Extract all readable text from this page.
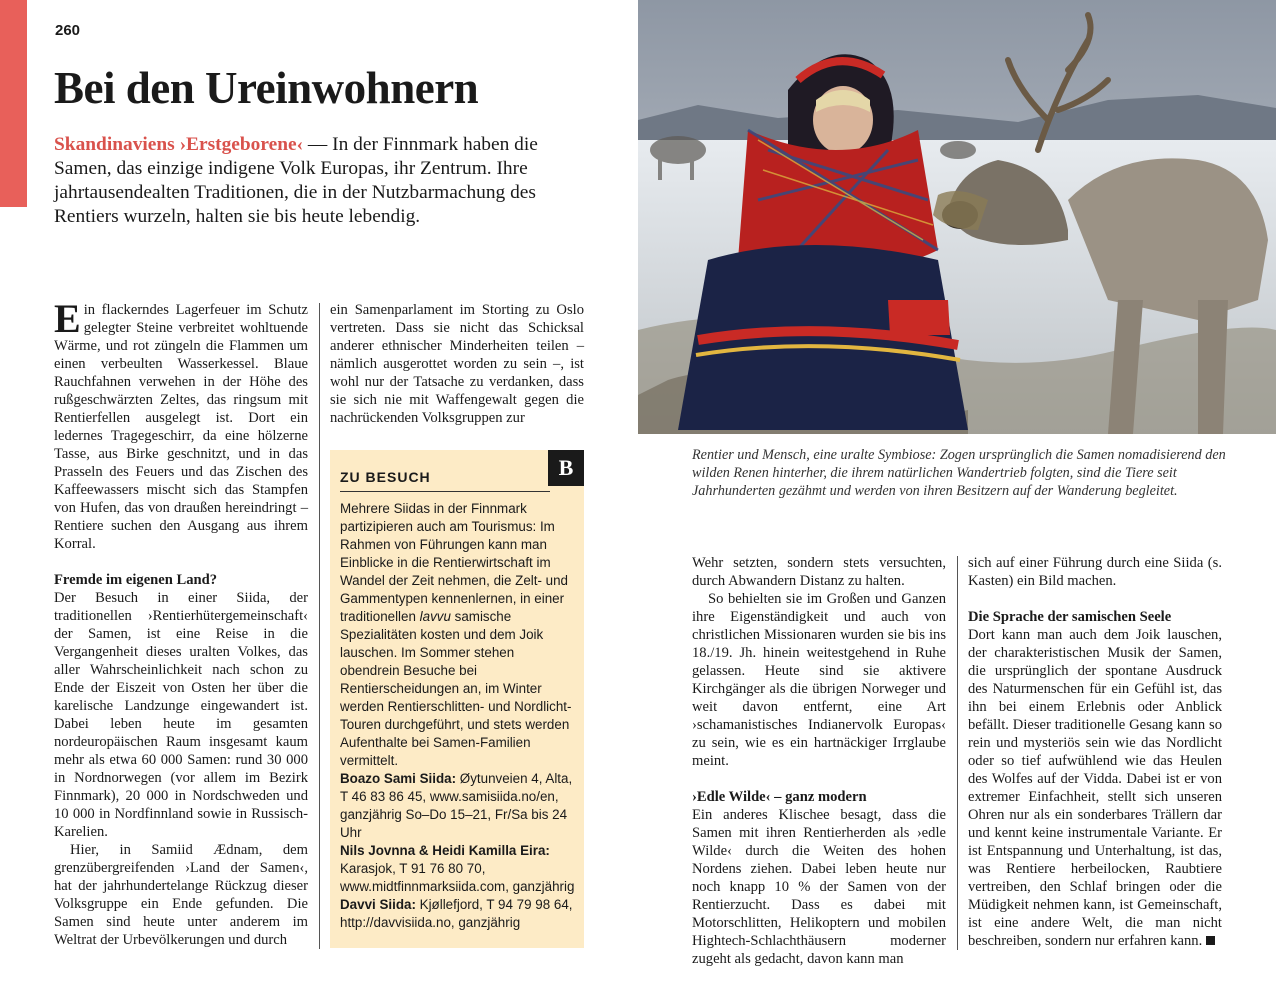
260
Bei den Ureinwohnern
Skandinaviens ›Erstgeborene‹ — In der Finnmark haben die Samen, das einzige indigene Volk Europas, ihr Zentrum. Ihre jahrtausendealten Traditionen, die in der Nutzbarmachung des Rentiers wurzeln, halten sie bis heute lebendig.

Ein flackerndes Lagerfeuer im Schutz gelegter Steine verbreitet wohltuende Wärme, und rot züngeln die Flammen um einen verbeulten Wasserkessel. Blaue Rauchfahnen verwehen in der Höhe des rußgeschwärzten Zeltes, das ringsum mit Rentierfellen ausgelegt ist. Dort ein ledernes Tragegeschirr, da eine hölzerne Tasse, aus Birke geschnitzt, und in das Prasseln des Feuers und das Zischen des Kaffeewassers mischt sich das Stampfen von Hufen, das von draußen hereindringt – Rentiere suchen den Ausgang aus ihrem Korral.

Fremde im eigenen Land?

Der Besuch in einer Siida, der traditionellen ›Rentierhütergemeinschaft‹ der Samen, ist eine Reise in die Vergangenheit dieses uralten Volkes, das aller Wahrscheinlichkeit nach schon zu Ende der Eiszeit von Osten her über die karelische Landzunge eingewandert ist. Dabei leben heute im gesamten nordeuropäischen Raum insgesamt kaum mehr als etwa 60 000 Samen: rund 30 000 in Nordnorwegen (vor allem im Bezirk Finnmark), 20 000 in Nordschweden und 10 000 in Nordfinnland sowie in Russisch-Karelien.

Hier, in Samiid Ædnam, dem grenzübergreifenden ›Land der Samen‹, hat der jahrhundertelange Rückzug dieser Volksgruppe ein Ende gefunden. Die Samen sind heute unter anderem im Weltrat der Urbevölkerungen und durch

ein Samenparlament im Storting zu Oslo vertreten. Dass sie nicht das Schicksal anderer ethnischer Minderheiten teilen – nämlich ausgerottet worden zu sein –, ist wohl nur der Tatsache zu verdanken, dass sie sich nie mit Waffengewalt gegen die nachrückenden Volksgruppen zur

ZU BESUCH	B

Mehrere Siidas in der Finnmark partizipieren auch am Tourismus: Im Rahmen von Führungen kann man Einblicke in die Rentierwirtschaft im Wandel der Zeit nehmen, die Zelt- und Gammentypen kennenlernen, in einer traditionellen lavvu samische Spezialitäten kosten und dem Joik lauschen. Im Sommer stehen obendrein Besuche bei Rentierscheidungen an, im Winter werden Rentierschlitten- und Nordlicht-Touren durchgeführt, und stets werden Aufenthalte bei Samen-Familien vermittelt.

Boazo Sami Siida: Øytunveien 4, Alta, T 46 83 86 45, www.samisiida.no/en, ganzjährig So–Do 15–21, Fr/Sa bis 24 Uhr

Nils Jovnna & Heidi Kamilla Eira: Karasjok, T 91 76 80 70, www.midtfinnmarksiida.com, ganzjährig

Davvi Siida: Kjøllefjord, T 94 79 98 64, http://davvisiida.no, ganzjährig

Rentier und Mensch, eine uralte Symbiose: Zogen ursprünglich die Samen nomadisierend den wilden Renen hinterher, die ihrem natürlichen Wandertrieb folgten, sind die Tiere seit Jahrhunderten gezähmt und werden von ihren Besitzern auf der Wanderung begleitet.

Wehr setzten, sondern stets versuchten, durch Abwandern Distanz zu halten.

So behielten sie im Großen und Ganzen ihre Eigenständigkeit und auch von christlichen Missionaren wurden sie bis ins 18./19. Jh. hinein weitestgehend in Ruhe gelassen. Heute sind sie aktivere Kirchgänger als die übrigen Norweger und weit davon entfernt, eine Art ›schamanistisches Indianervolk Europas‹ zu sein, wie es ein hartnäckiger Irrglaube meint.

›Edle Wilde‹ – ganz modern

Ein anderes Klischee besagt, dass die Samen mit ihren Rentierherden als ›edle Wilde‹ durch die Weiten des hohen Nordens ziehen. Dabei leben heute nur noch knapp 10 % der Samen von der Rentierzucht. Dass es dabei mit Motorschlitten, Helikoptern und mobilen Hightech-Schlachthäusern moderner zugeht als gedacht, davon kann man

sich auf einer Führung durch eine Siida (s. Kasten) ein Bild machen.

Die Sprache der samischen Seele

Dort kann man auch dem Joik lauschen, der charakteristischen Musik der Samen, die ursprünglich der spontane Ausdruck des Naturmenschen für ein Gefühl ist, das ihn bei einem Erlebnis oder Anblick befällt. Dieser traditionelle Gesang kann so rein und mysteriös sein wie das Nordlicht oder so tief aufwühlend wie das Heulen des Wolfes auf der Vidda. Dabei ist er von extremer Einfachheit, stellt sich unseren Ohren nur als ein sonderbares Trällern dar und kennt keine instrumentale Variante. Er ist Entspannung und Unterhaltung, ist das, was Rentiere herbeilocken, Raubtiere vertreiben, den Schlaf bringen oder die Müdigkeit nehmen kann, ist Gemeinschaft, ist eine andere Welt, die man nicht beschreiben, sondern nur erfahren kann.
